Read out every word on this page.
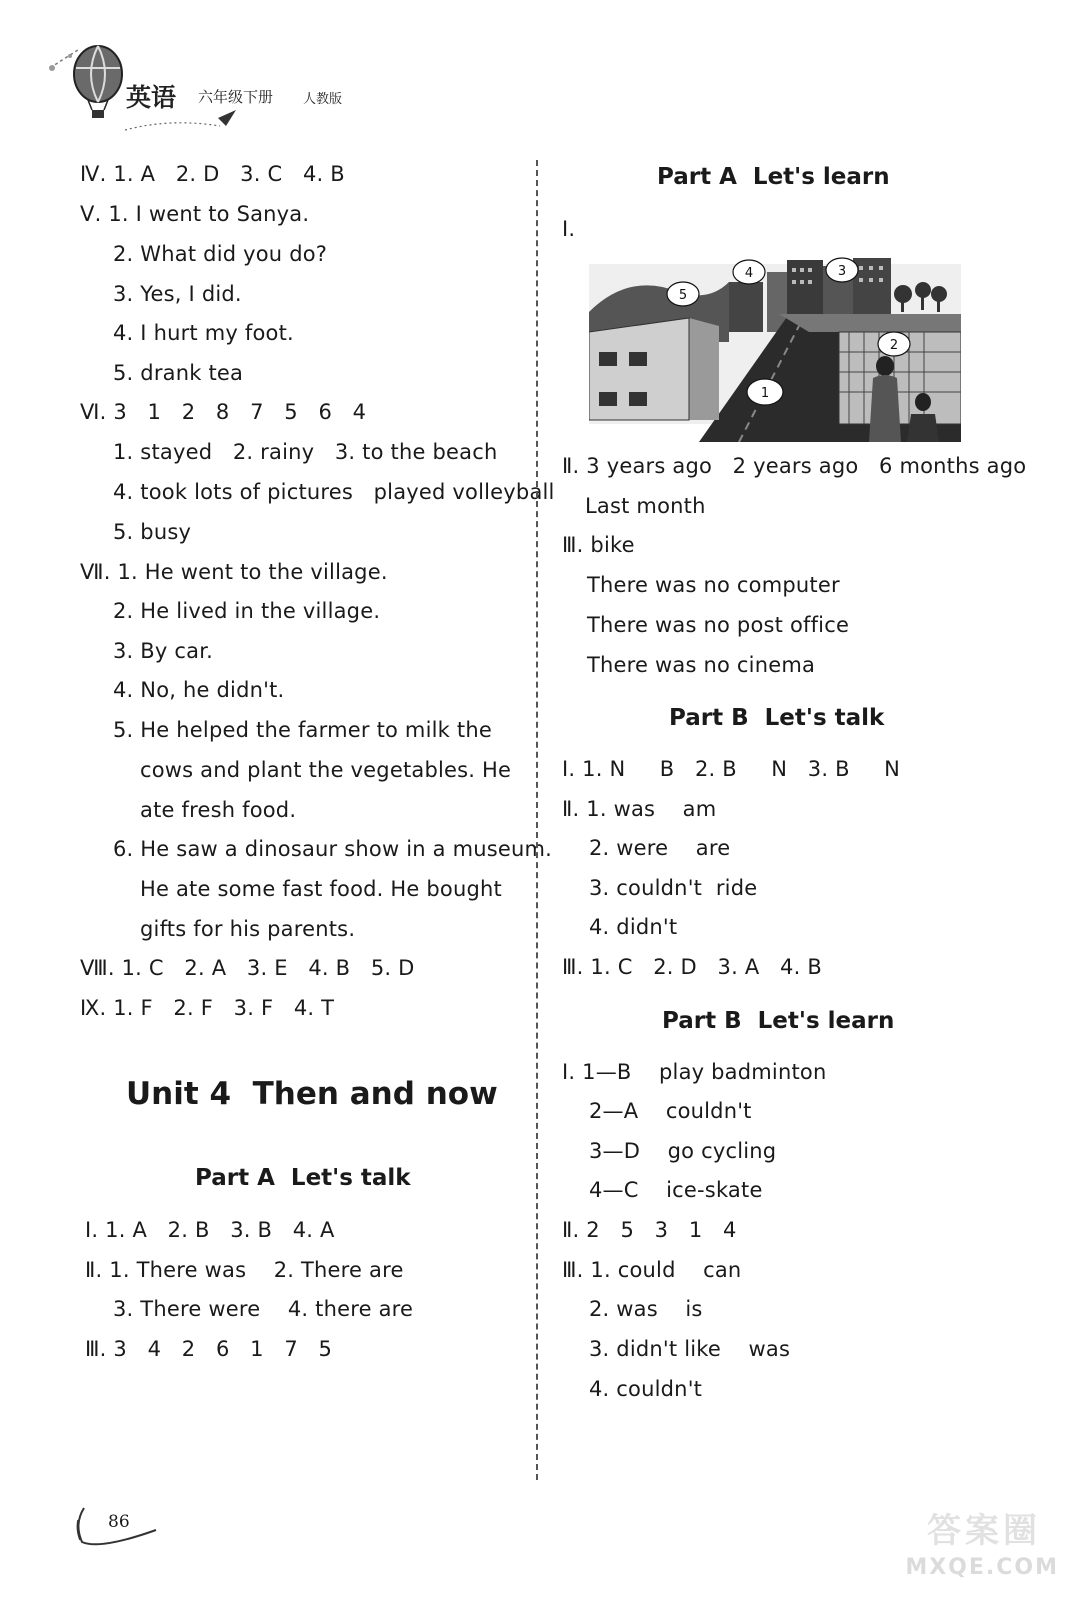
英语 六年级下册 人教版
Ⅳ. 1. A   2. D   3. C   4. B
Ⅴ. 1. I went to Sanya.
2. What did you do?
3. Yes, I did.
4. I hurt my foot.
5. drank tea
Ⅵ. 3   1   2   8   7   5   6   4
1. stayed   2. rainy   3. to the beach
4. took lots of pictures   played volleyball
5. busy
Ⅶ. 1. He went to the village.
2. He lived in the village.
3. By car.
4. No, he didn't.
5. He helped the farmer to milk the
cows and plant the vegetables. He
ate fresh food.
6. He saw a dinosaur show in a museum.
He ate some fast food. He bought
gifts for his parents.
Ⅷ. 1. C   2. A   3. E   4. B   5. D
Ⅸ. 1. F   2. F   3. F   4. T
Ⅰ. 1. A   2. B   3. B   4. A
Ⅱ. 1. There was    2. There are
3. There were    4. there are
Ⅲ. 3   4   2   6   1   7   5
Part A  Let's talk
Unit 4  Then and now
Part A  Let's learn
Part B  Let's talk
Part B  Let's learn
Ⅰ.
Ⅱ. 3 years ago   2 years ago   6 months ago
Last month
Ⅲ. bike
There was no computer
There was no post office
There was no cinema
Ⅰ. 1. N     B   2. B     N   3. B     N
Ⅱ. 1. was    am
2. were    are
3. couldn't  ride
4. didn't
Ⅲ. 1. C   2. D   3. A   4. B
Ⅰ. 1—B    play badminton
2—A    couldn't
3—D    go cycling
4—C    ice-skate
Ⅱ. 2   5   3   1   4
Ⅲ. 1. could    can
2. was    is
3. didn't like    was
4. couldn't
1
2
3
4
5
86	答案圈
MXQE.COM
